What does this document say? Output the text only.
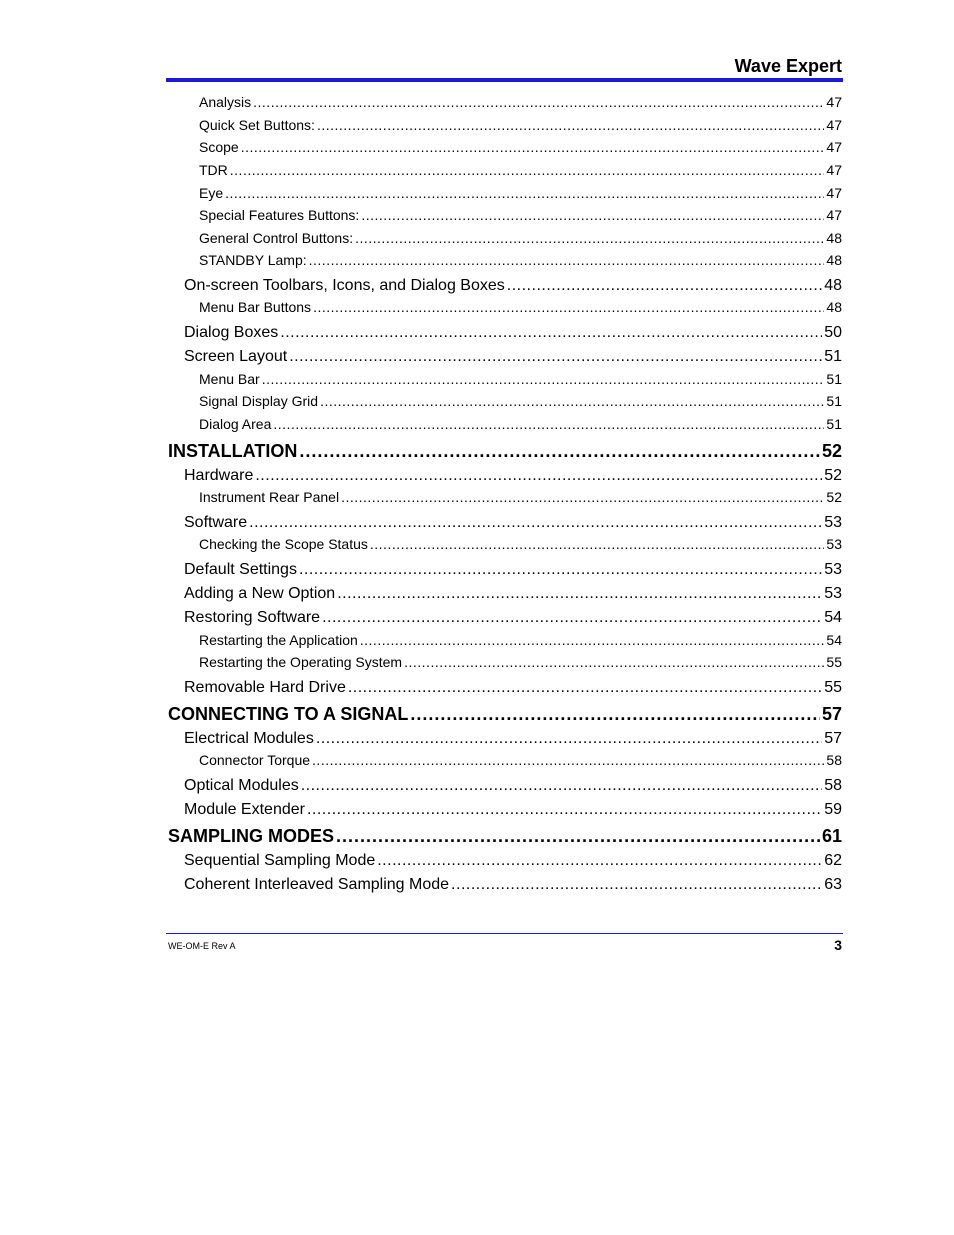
Wave Expert
Analysis .....	47
Quick Set Buttons: .....	47
Scope .....	47
TDR .....	47
Eye .....	47
Special Features Buttons: .....	47
General Control Buttons: .....	48
STANDBY Lamp: .....	48
On-screen Toolbars, Icons, and Dialog Boxes .....	48
Menu Bar Buttons .....	48
Dialog Boxes .....	50
Screen Layout .....	51
Menu Bar .....	51
Signal Display Grid .....	51
Dialog Area .....	51
INSTALLATION .....	52
Hardware .....	52
Instrument Rear Panel .....	52
Software .....	53
Checking the Scope Status .....	53
Default Settings .....	53
Adding a New Option .....	53
Restoring Software .....	54
Restarting the Application .....	54
Restarting the Operating System .....	55
Removable Hard Drive .....	55
CONNECTING TO A SIGNAL .....	57
Electrical Modules .....	57
Connector Torque .....	58
Optical Modules .....	58
Module Extender .....	59
SAMPLING MODES .....	61
Sequential Sampling Mode .....	62
Coherent Interleaved Sampling Mode .....	63
WE-OM-E Rev A	3
